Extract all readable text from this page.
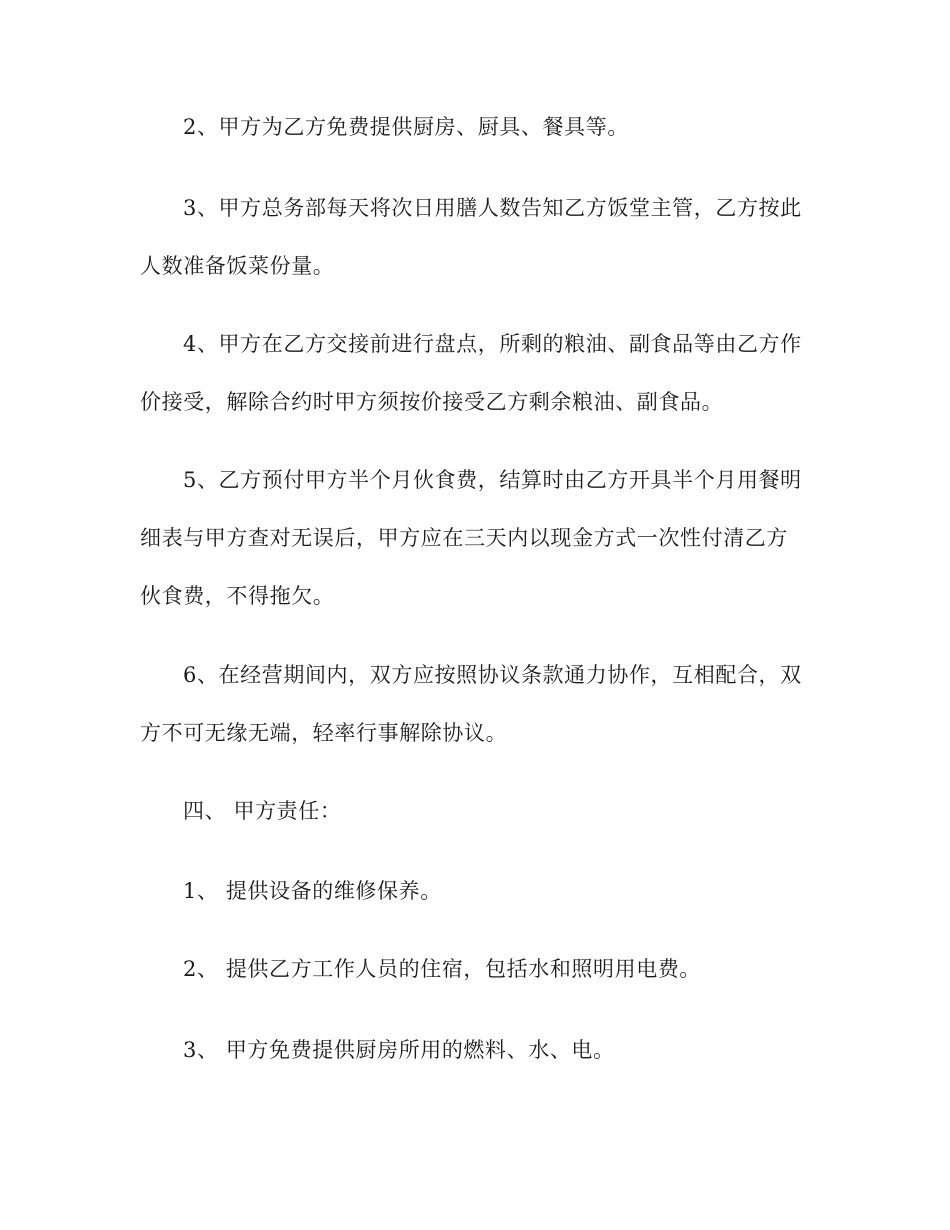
2、甲方为乙方免费提供厨房、厨具、餐具等。
3、甲方总务部每天将次日用膳人数告知乙方饭堂主管，乙方按此
人数准备饭菜份量。
4、甲方在乙方交接前进行盘点，所剩的粮油、副食品等由乙方作
价接受，解除合约时甲方须按价接受乙方剩余粮油、副食品。
5、乙方预付甲方半个月伙食费，结算时由乙方开具半个月用餐明
细表与甲方查对无误后，甲方应在三天内以现金方式一次性付清乙方
伙食费，不得拖欠。
6、在经营期间内，双方应按照协议条款通力协作，互相配合，双
方不可无缘无端，轻率行事解除协议。
四、 甲方责任：
1、 提供设备的维修保养。
2、 提供乙方工作人员的住宿，包括水和照明用电费。
3、 甲方免费提供厨房所用的燃料、水、电。
